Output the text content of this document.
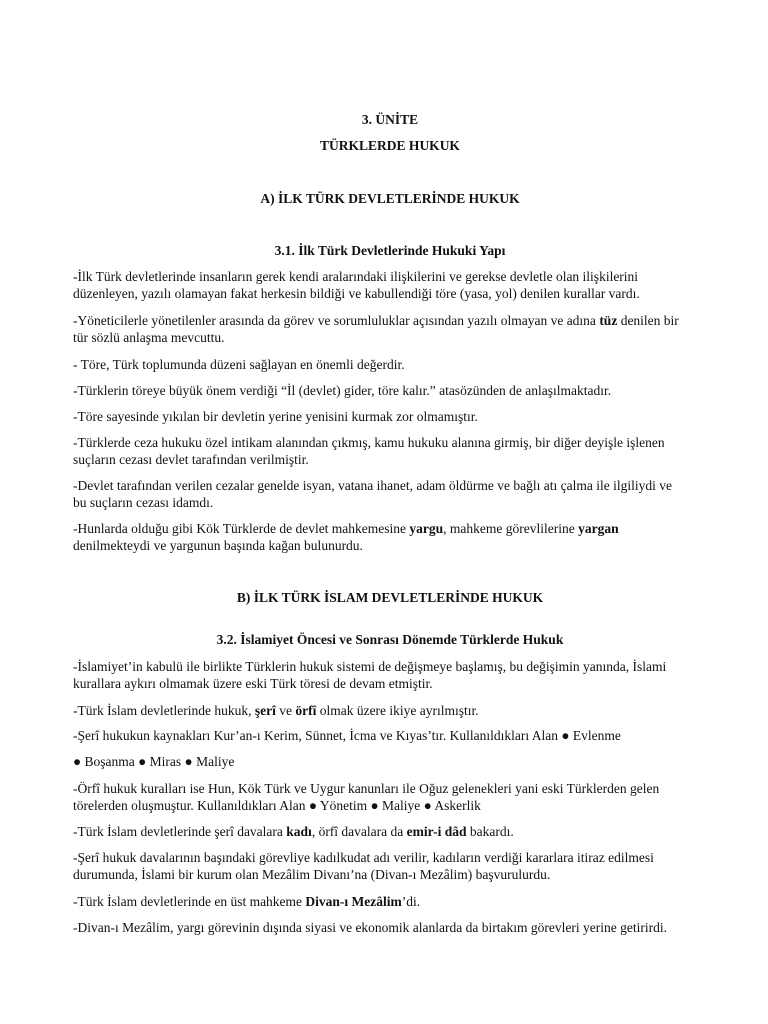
3. ÜNİTE
TÜRKLERDE HUKUK
A) İLK TÜRK DEVLETLERİNDE HUKUK
3.1. İlk Türk Devletlerinde Hukuki Yapı
-İlk Türk devletlerinde insanların gerek kendi aralarındaki ilişkilerini ve gerekse devletle olan ilişkilerini
düzenleyen, yazılı olamayan fakat herkesin bildiği ve kabullendiği töre (yasa, yol) denilen kurallar vardı.
-Yöneticilerle yönetilenler arasında da görev ve sorumluluklar açısından yazılı olmayan ve adına tüz denilen bir
tür sözlü anlaşma mevcuttu.
- Töre, Türk toplumunda düzeni sağlayan en önemli değerdir.
-Türklerin töreye büyük önem verdiği “İl (devlet) gider, töre kalır.” atasözünden de anlaşılmaktadır.
-Töre sayesinde yıkılan bir devletin yerine yenisini kurmak zor olmamıştır.
-Türklerde ceza hukuku özel intikam alanından çıkmış, kamu hukuku alanına girmiş, bir diğer deyişle işlenen
suçların cezası devlet tarafından verilmiştir.
-Devlet tarafından verilen cezalar genelde isyan, vatana ihanet, adam öldürme ve bağlı atı çalma ile ilgiliydi ve
bu suçların cezası idamdı.
-Hunlarda olduğu gibi Kök Türklerde de devlet mahkemesine yargu, mahkeme görevlilerine yargan
denilmekteydi ve yargunun başında kağan bulunurdu.
B) İLK TÜRK İSLAM DEVLETLERİNDE HUKUK
3.2. İslamiyet Öncesi ve Sonrası Dönemde Türklerde Hukuk
-İslamiyet’in kabulü ile birlikte Türklerin hukuk sistemi de değişmeye başlamış, bu değişimin yanında, İslami
kurallara aykırı olmamak üzere eski Türk töresi de devam etmiştir.
-Türk İslam devletlerinde hukuk, şerî ve örfî olmak üzere ikiye ayrılmıştır.
-Şerî hukukun kaynakları Kur’an-ı Kerim, Sünnet, İcma ve Kıyas’tır. Kullanıldıkları Alan ● Evlenme
● Boşanma ● Miras ● Maliye
-Örfî hukuk kuralları ise Hun, Kök Türk ve Uygur kanunları ile Oğuz gelenekleri yani eski Türklerden gelen
törelerden oluşmuştur. Kullanıldıkları Alan ● Yönetim ● Maliye ● Askerlik
-Türk İslam devletlerinde şerî davalara kadı, örfî davalara da emir-i dâd bakardı.
-Şerî hukuk davalarının başındaki görevliye kadılkudat adı verilir, kadıların verdiği kararlara itiraz edilmesi
durumunda, İslami bir kurum olan Mezâlim Divanı’na (Divan-ı Mezâlim) başvurulurdu.
-Türk İslam devletlerinde en üst mahkeme Divan-ı Mezâlim’di.
-Divan-ı Mezâlim, yargı görevinin dışında siyasi ve ekonomik alanlarda da birtakım görevleri yerine getirirdi.
